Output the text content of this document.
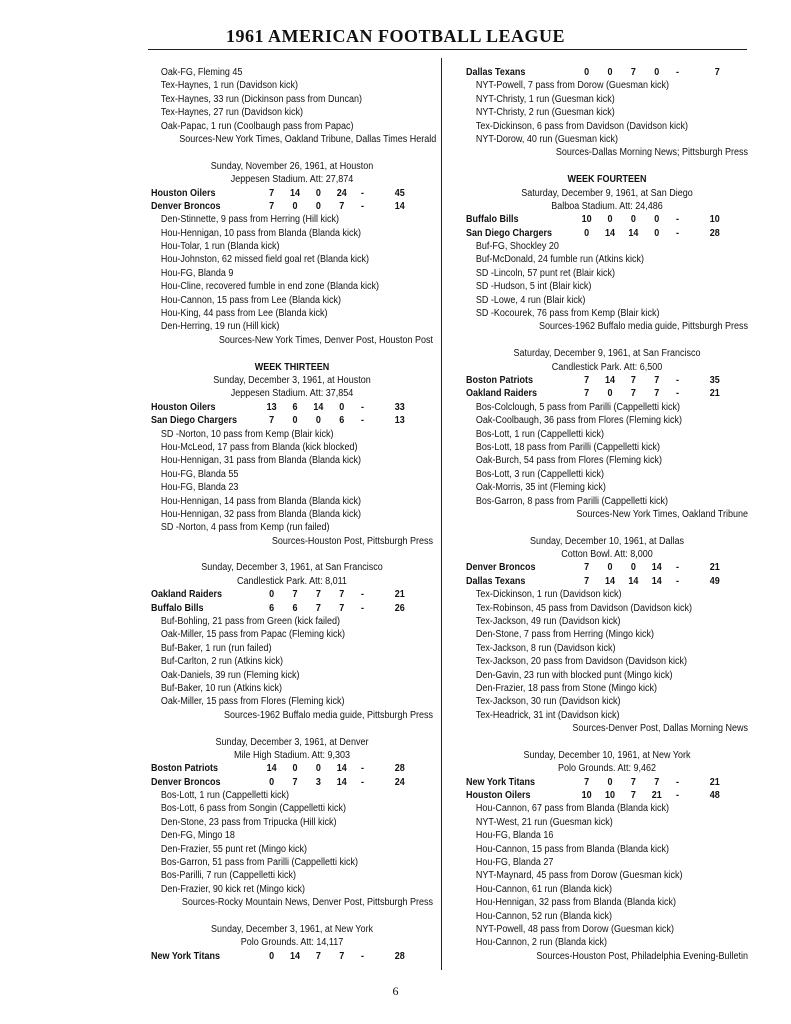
1961 AMERICAN FOOTBALL LEAGUE
Oak-FG, Fleming 45
Tex-Haynes, 1 run (Davidson kick)
Tex-Haynes, 33 run (Dickinson pass from Duncan)
Tex-Haynes, 27 run (Davidson kick)
Oak-Papac, 1 run (Coolbaugh pass from Papac)
Sources-New York Times, Oakland Tribune, Dallas Times Herald
Sunday, November 26, 1961, at Houston
Jeppesen Stadium. Att: 27,874
Houston Oilers	7	14	0	24	-	45
Denver Broncos	7	0	0	7	-	14
Den-Stinnette, 9 pass from Herring (Hill kick)
Hou-Hennigan, 10 pass from Blanda (Blanda kick)
Hou-Tolar, 1 run (Blanda kick)
Hou-Johnston, 62 missed field goal ret (Blanda kick)
Hou-FG, Blanda 9
Hou-Cline, recovered fumble in end zone (Blanda kick)
Hou-Cannon, 15 pass from Lee (Blanda kick)
Hou-King, 44 pass from Lee (Blanda kick)
Den-Herring, 19 run (Hill kick)
Sources-New York Times, Denver Post, Houston Post
WEEK THIRTEEN
Sunday, December 3, 1961, at Houston
Jeppesen Stadium. Att: 37,854
Houston Oilers	13	6	14	0	-	33
San Diego Chargers	7	0	0	6	-	13
SD -Norton, 10 pass from Kemp (Blair kick)
Hou-McLeod, 17 pass from Blanda (kick blocked)
Hou-Hennigan, 31 pass from Blanda (Blanda kick)
Hou-FG, Blanda 55
Hou-FG, Blanda 23
Hou-Hennigan, 14 pass from Blanda (Blanda kick)
Hou-Hennigan, 32 pass from Blanda (Blanda kick)
SD -Norton, 4 pass from Kemp (run failed)
Sources-Houston Post, Pittsburgh Press
Sunday, December 3, 1961, at San Francisco
Candlestick Park. Att: 8,011
Oakland Raiders	0	7	7	7	-	21
Buffalo Bills	6	6	7	7	-	26
Buf-Bohling, 21 pass from Green (kick failed)
Oak-Miller, 15 pass from Papac (Fleming kick)
Buf-Baker, 1 run (run failed)
Buf-Carlton, 2 run (Atkins kick)
Oak-Daniels, 39 run (Fleming kick)
Buf-Baker, 10 run (Atkins kick)
Oak-Miller, 15 pass from Flores (Fleming kick)
Sources-1962 Buffalo media guide, Pittsburgh Press
Sunday, December 3, 1961, at Denver
Mile High Stadium. Att: 9,303
Boston Patriots	14	0	0	14	-	28
Denver Broncos	0	7	3	14	-	24
Bos-Lott, 1 run (Cappelletti kick)
Bos-Lott, 6 pass from Songin (Cappelletti kick)
Den-Stone, 23 pass from Tripucka (Hill kick)
Den-FG, Mingo 18
Den-Frazier, 55 punt ret (Mingo kick)
Bos-Garron, 51 pass from Parilli (Cappelletti kick)
Bos-Parilli, 7 run (Cappelletti kick)
Den-Frazier, 90 kick ret (Mingo kick)
Sources-Rocky Mountain News, Denver Post, Pittsburgh Press
Sunday, December 3, 1961, at New York
Polo Grounds. Att: 14,117
New York Titans	0	14	7	7	-	28
Dallas Texans	0	0	7	0	-	7
NYT-Powell, 7 pass from Dorow (Guesman kick)
NYT-Christy, 1 run (Guesman kick)
NYT-Christy, 2 run (Guesman kick)
Tex-Dickinson, 6 pass from Davidson (Davidson kick)
NYT-Dorow, 40 run (Guesman kick)
Sources-Dallas Morning News; Pittsburgh Press
WEEK FOURTEEN
Saturday, December 9, 1961, at San Diego
Balboa Stadium. Att: 24,486
Buffalo Bills	10	0	0	0	-	10
San Diego Chargers	0	14	14	0	-	28
Buf-FG, Shockley 20
Buf-McDonald, 24 fumble run (Atkins kick)
SD -Lincoln, 57 punt ret (Blair kick)
SD -Hudson, 5 int (Blair kick)
SD -Lowe, 4 run (Blair kick)
SD -Kocourek, 76 pass from Kemp (Blair kick)
Sources-1962 Buffalo media guide, Pittsburgh Press
Saturday, December 9, 1961, at San Francisco
Candlestick Park. Att: 6,500
Boston Patriots	7	14	7	7	-	35
Oakland Raiders	7	0	7	7	-	21
Bos-Colclough, 5 pass from Parilli (Cappelletti kick)
Oak-Coolbaugh, 36 pass from Flores (Fleming kick)
Bos-Lott, 1 run (Cappelletti kick)
Bos-Lott, 18 pass from Parilli (Cappelletti kick)
Oak-Burch, 54 pass from Flores (Fleming kick)
Bos-Lott, 3 run (Cappelletti kick)
Oak-Morris, 35 int (Fleming kick)
Bos-Garron, 8 pass from Parilli (Cappelletti kick)
Sources-New York Times, Oakland Tribune
Sunday, December 10, 1961, at Dallas
Cotton Bowl. Att: 8,000
Denver Broncos	7	0	0	14	-	21
Dallas Texans	7	14	14	14	-	49
Tex-Dickinson, 1 run (Davidson kick)
Tex-Robinson, 45 pass from Davidson (Davidson kick)
Tex-Jackson, 49 run (Davidson kick)
Den-Stone, 7 pass from Herring (Mingo kick)
Tex-Jackson, 8 run (Davidson kick)
Tex-Jackson, 20 pass from Davidson (Davidson kick)
Den-Gavin, 23 run with blocked punt (Mingo kick)
Den-Frazier, 18 pass from Stone (Mingo kick)
Tex-Jackson, 30 run (Davidson kick)
Tex-Headrick, 31 int (Davidson kick)
Sources-Denver Post, Dallas Morning News
Sunday, December 10, 1961, at New York
Polo Grounds. Att: 9,462
New York Titans	7	0	7	7	-	21
Houston Oilers	10	10	7	21	-	48
Hou-Cannon, 67 pass from Blanda (Blanda kick)
NYT-West, 21 run (Guesman kick)
Hou-FG, Blanda 16
Hou-Cannon, 15 pass from Blanda (Blanda kick)
Hou-FG, Blanda 27
NYT-Maynard, 45 pass from Dorow (Guesman kick)
Hou-Cannon, 61 run (Blanda kick)
Hou-Hennigan, 32 pass from Blanda (Blanda kick)
Hou-Cannon, 52 run (Blanda kick)
NYT-Powell, 48 pass from Dorow (Guesman kick)
Hou-Cannon, 2 run (Blanda kick)
Sources-Houston Post, Philadelphia Evening-Bulletin
6
